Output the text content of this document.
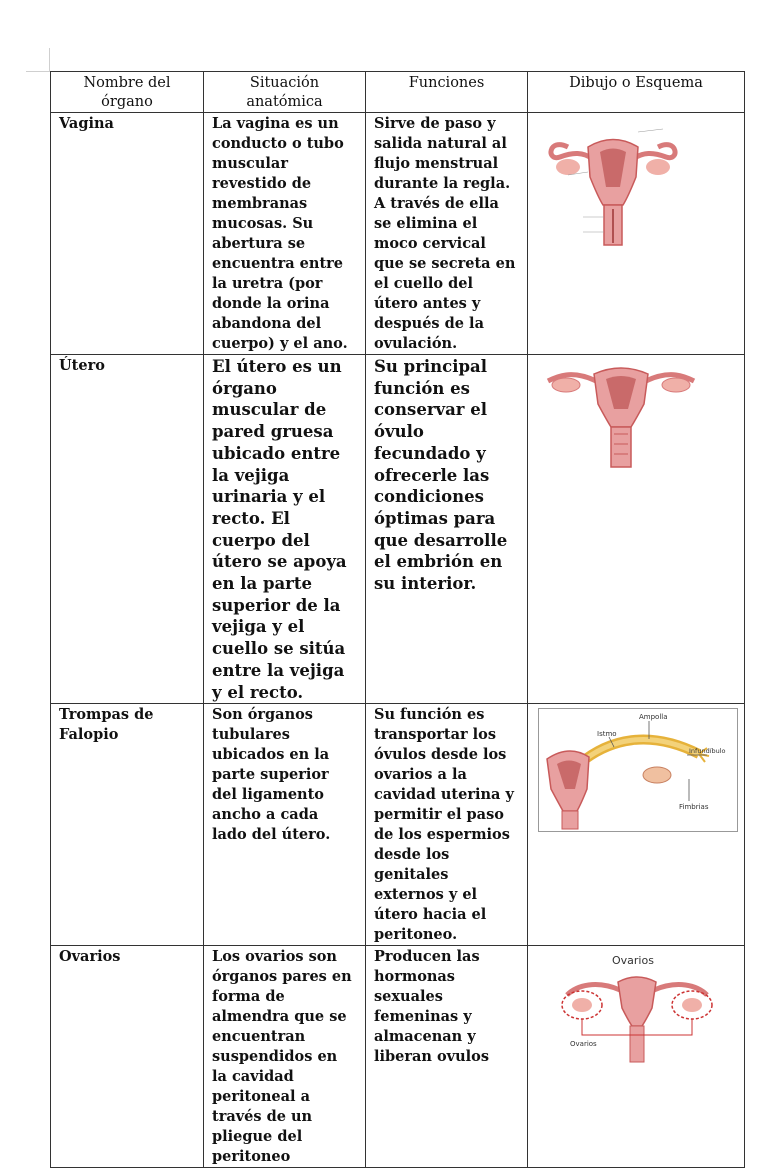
Nombre del órgano	Situación anatómica	Funciones	Dibujo o Esquema
Vagina	La vagina es un conducto o tubo muscular revestido de membranas mucosas. Su abertura se encuentra entre la uretra (por donde la orina abandona del cuerpo) y el ano.	Sirve de paso y salida natural al flujo menstrual durante la regla. A través de ella se elimina el moco cervical que se secreta en el cuello del útero antes y después de la ovulación.	

Útero	El útero es un órgano muscular de pared gruesa ubicado entre la vejiga urinaria y el recto. El cuerpo del útero se apoya en la parte superior de la vejiga y el cuello se sitúa entre la vejiga y el recto.	Su principal función es conservar el óvulo fecundado y ofrecerle las condiciones óptimas para que desarrolle el embrión en su interior.	

Trompas de Falopio	Son órganos tubulares ubicados en la parte superior del ligamento ancho a cada lado del útero.	Su función es transportar los óvulos desde los ovarios a la cavidad uterina y permitir el paso de los espermios desde los genitales externos y el útero hacia el peritoneo.	Ampolla
Istmo
Infundíbulo
Fimbrias

Ovarios	Los ovarios son órganos pares en forma de almendra que se encuentran suspendidos en la cavidad peritoneal a través de un pliegue del peritoneo	Producen las hormonas sexuales femeninas y almacenan y liberan ovulos	Ovarios
Ovarios
